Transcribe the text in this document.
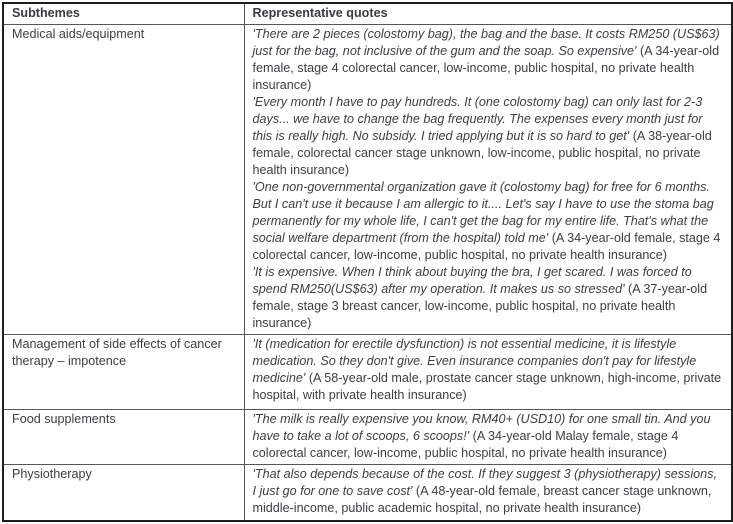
Subthemes	Representative quotes
Medical aids/equipment	'There are 2 pieces (colostomy bag), the bag and the base. It costs RM250 (US$63) just for the bag, not inclusive of the gum and the soap. So expensive' (A 34-year-old female, stage 4 colorectal cancer, low-income, public hospital, no private health insurance)

'Every month I have to pay hundreds. It (one colostomy bag) can only last for 2-3 days... we have to change the bag frequently. The expenses every month just for this is really high. No subsidy. I tried applying but it is so hard to get' (A 38-year-old female, colorectal cancer stage unknown, low-income, public hospital, no private health insurance)

'One non-governmental organization gave it (colostomy bag) for free for 6 months. But I can't use it because I am allergic to it.... Let's say I have to use the stoma bag permanently for my whole life, I can't get the bag for my entire life. That's what the social welfare department (from the hospital) told me' (A 34-year-old female, stage 4 colorectal cancer, low-income, public hospital, no private health insurance)

'It is expensive. When I think about buying the bra, I get scared. I was forced to spend RM250(US$63) after my operation. It makes us so stressed' (A 37-year-old female, stage 3 breast cancer, low-income, public hospital, no private health insurance)

Management of side effects of cancer therapy – impotence	'It (medication for erectile dysfunction) is not essential medicine, it is lifestyle medication. So they don't give. Even insurance companies don't pay for lifestyle medicine' (A 58-year-old male, prostate cancer stage unknown, high-income, private hospital, with private health insurance)

Food supplements	'The milk is really expensive you know, RM40+ (USD10) for one small tin. And you have to take a lot of scoops, 6 scoops!' (A 34-year-old Malay female, stage 4 colorectal cancer, low-income, public hospital, no private health insurance)

Physiotherapy	'That also depends because of the cost. If they suggest 3 (physiotherapy) sessions, I just go for one to save cost' (A 48-year-old female, breast cancer stage unknown, middle-income, public academic hospital, no private health insurance)
